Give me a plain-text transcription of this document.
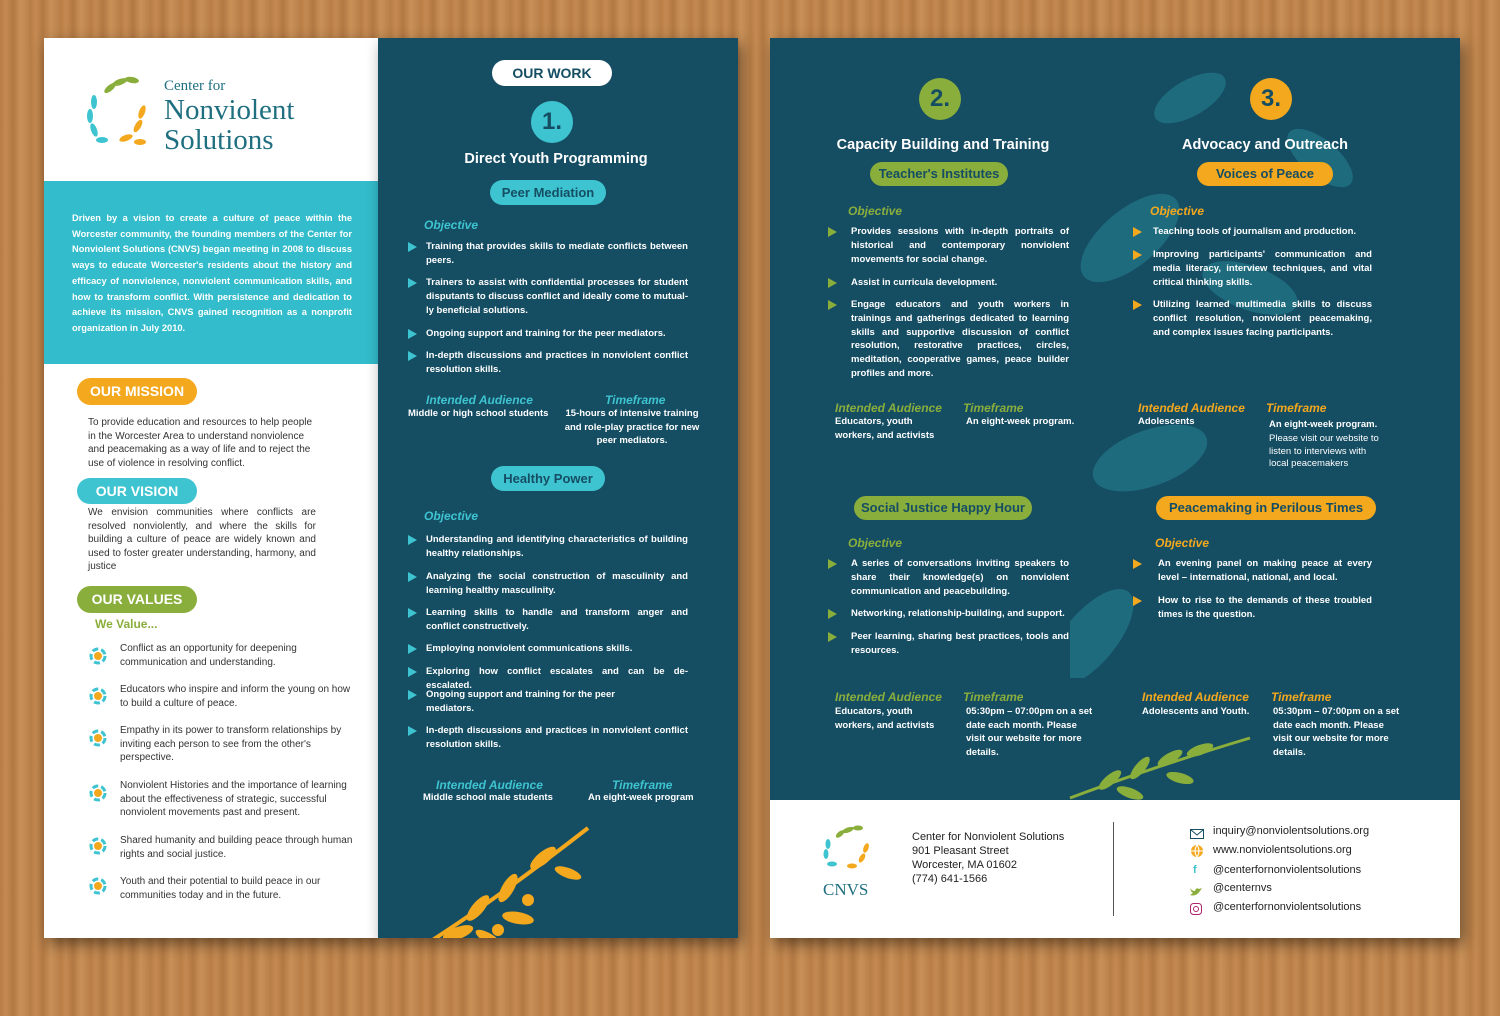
Center for
Nonviolent
Solutions
Driven by a vision to create a culture of peace within the Worcester community, the founding members of the Center for Nonviolent Solutions (CNVS) began meeting in 2008 to discuss ways to educate Worcester's residents about the history and efficacy of nonviolence, nonviolent communication skills, and how to transform conflict. With persistence and dedication to achieve its mission, CNVS gained recognition as a nonprofit organization in July 2010.
OUR MISSION
To provide education and resources to help people in the Worcester Area to understand nonviolence and peacemaking as a way of life and to reject the use of violence in resolving conflict.
OUR VISION
We envision communities where conflicts are resolved nonviolently, and where the skills for building a culture of peace are widely known and used to foster greater understanding, harmony, and justice
OUR VALUES
We Value...
Conflict as an opportunity for deepening communication and understanding.
Educators who inspire and inform the young on how to build a culture of peace.
Empathy in its power to transform relationships by inviting each person to see from the other's perspective.
Nonviolent Histories and the importance of learning about the effectiveness of strategic, successful nonviolent movements past and present.
Shared humanity and building peace through human rights and social justice.
Youth and their potential to build peace in our communities today and in the future.
OUR WORK
1.
Direct Youth Programming
Peer Mediation
Objective
Training that provides skills to mediate conflicts between peers.
Trainers to assist with confidential processes for student disputants to discuss conflict and ideally come to mutual-ly beneficial solutions.
Ongoing support and training for the peer mediators.
In-depth discussions and practices in nonviolent conflict resolution skills.
Intended Audience
Middle or high school students
Timeframe
15-hours of intensive training and role-play practice for new peer mediators.
Healthy Power
Objective
Understanding and identifying characteristics of building healthy relationships.
Analyzing the social construction of masculinity and learning healthy masculinity.
Learning skills to handle and transform anger and conflict constructively.
Employing nonviolent communications skills.
Exploring how conflict escalates and can be de-escalated.
Ongoing support and training for the peer mediators.
In-depth discussions and practices in nonviolent conflict resolution skills.
Intended Audience
Middle school male students
Timeframe
An eight-week program
2.
Capacity Building and Training
Teacher's Institutes
Objective
Provides sessions with in-depth portraits of historical and contemporary nonviolent movements for social change.
Assist in curricula development.
Engage educators and youth workers in trainings and gatherings dedicated to learning skills and supportive discussion of conflict resolution, restorative practices, circles, meditation, cooperative games, peace builder profiles and more.
Intended Audience
Educators, youth workers, and activists
Timeframe
An eight-week program.
Social Justice Happy Hour
Objective
A series of conversations inviting speakers to share their knowledge(s) on nonviolent communication and peacebuilding.
Networking, relationship-building, and support.
Peer learning, sharing best practices, tools and resources.
Intended Audience
Educators, youth workers, and activists
Timeframe
05:30pm – 07:00pm on a set date each month. Please visit our website for more details.
3.
Advocacy and Outreach
Voices of Peace
Objective
Teaching tools of journalism and production.
Improving participants' communication and media literacy, interview techniques, and vital critical thinking skills.
Utilizing learned multimedia skills to discuss conflict resolution, nonviolent peacemaking, and complex issues facing participants.
Intended Audience
Adolescents
Timeframe
An eight-week program.
Please visit our website to listen to interviews with local peacemakers
Peacemaking in Perilous Times
Objective
An evening panel on making peace at every level – international, national, and local.
How to rise to the demands of these troubled times is the question.
Intended Audience
Adolescents and Youth.
Timeframe
05:30pm – 07:00pm on a set date each month. Please visit our website for more details.
CNVS
Center for Nonviolent Solutions
901 Pleasant Street
Worcester, MA 01602
(774) 641-1566
inquiry@nonviolentsolutions.org
www.nonviolentsolutions.org
f @centerfornonviolentsolutions
@centernvs
@centerfornonviolentsolutions
